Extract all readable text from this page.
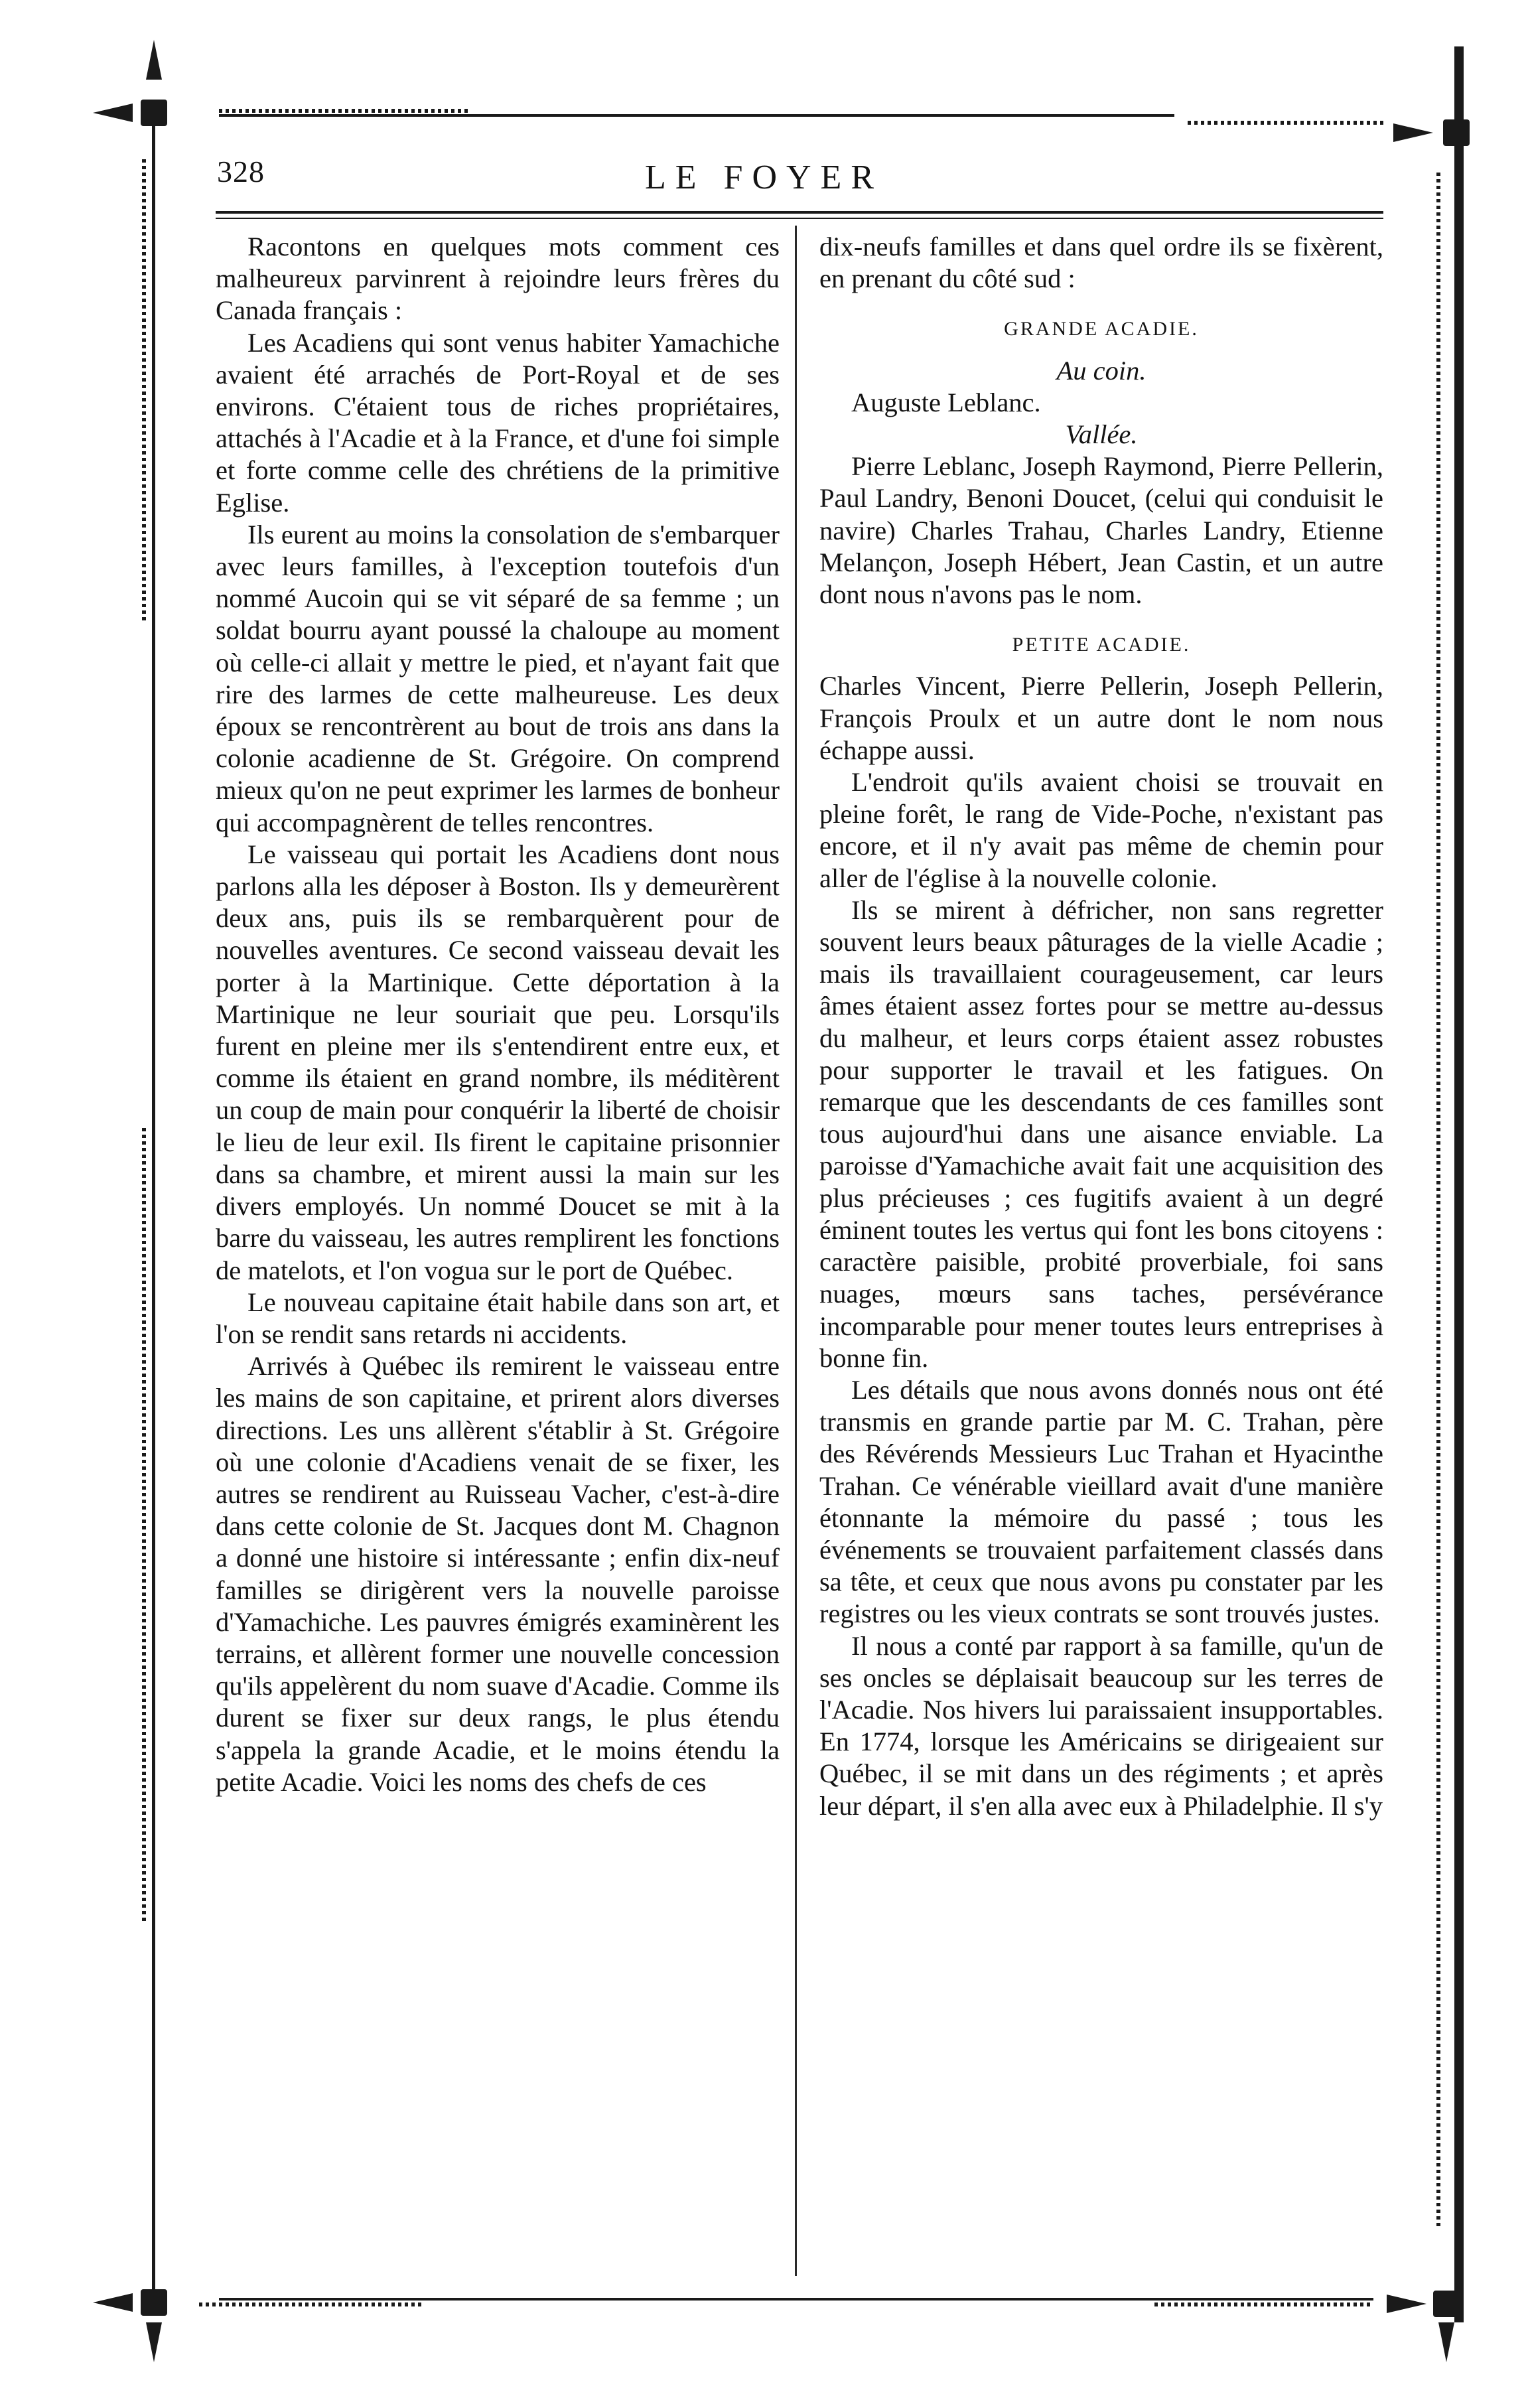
328	LE FOYER

Racontons en quelques mots comment ces malheureux parvinrent à rejoindre leurs frères du Canada français :

Les Acadiens qui sont venus habiter Yamachiche avaient été arrachés de Port-Royal et de ses environs. C'étaient tous de riches propriétaires, attachés à l'Acadie et à la France, et d'une foi simple et forte comme celle des chrétiens de la primitive Eglise.

Ils eurent au moins la consolation de s'embarquer avec leurs familles, à l'exception toutefois d'un nommé Aucoin qui se vit séparé de sa femme ; un soldat bourru ayant poussé la chaloupe au moment où celle-ci allait y mettre le pied, et n'ayant fait que rire des larmes de cette malheureuse. Les deux époux se rencontrèrent au bout de trois ans dans la colonie acadienne de St. Grégoire. On comprend mieux qu'on ne peut exprimer les larmes de bonheur qui accompagnèrent de telles rencontres.

Le vaisseau qui portait les Acadiens dont nous parlons alla les déposer à Boston. Ils y demeurèrent deux ans, puis ils se rembarquèrent pour de nouvelles aventures. Ce second vaisseau devait les porter à la Martinique. Cette déportation à la Martinique ne leur souriait que peu. Lorsqu'ils furent en pleine mer ils s'entendirent entre eux, et comme ils étaient en grand nombre, ils méditèrent un coup de main pour conquérir la liberté de choisir le lieu de leur exil. Ils firent le capitaine prisonnier dans sa chambre, et mirent aussi la main sur les divers employés. Un nommé Doucet se mit à la barre du vaisseau, les autres remplirent les fonctions de matelots, et l'on vogua sur le port de Québec.

Le nouveau capitaine était habile dans son art, et l'on se rendit sans retards ni accidents.

Arrivés à Québec ils remirent le vaisseau entre les mains de son capitaine, et prirent alors diverses directions. Les uns allèrent s'établir à St. Grégoire où une colonie d'Acadiens venait de se fixer, les autres se rendirent au Ruisseau Vacher, c'est-à-dire dans cette colonie de St. Jacques dont M. Chagnon a donné une histoire si intéressante ; enfin dix-neuf familles se dirigèrent vers la nouvelle paroisse d'Yamachiche. Les pauvres émigrés examinèrent les terrains, et allèrent former une nouvelle concession qu'ils appelèrent du nom suave d'Acadie. Comme ils durent se fixer sur deux rangs, le plus étendu s'appela la grande Acadie, et le moins étendu la petite Acadie. Voici les noms des chefs de ces

dix-neufs familles et dans quel ordre ils se fixèrent, en prenant du côté sud :

GRANDE ACADIE.
Au coin.

Auguste Leblanc.

Vallée.

Pierre Leblanc, Joseph Raymond, Pierre Pellerin, Paul Landry, Benoni Doucet, (celui qui conduisit le navire) Charles Trahau, Charles Landry, Etienne Melançon, Joseph Hébert, Jean Castin, et un autre dont nous n'avons pas le nom.

PETITE ACADIE.

Charles Vincent, Pierre Pellerin, Joseph Pellerin, François Proulx et un autre dont le nom nous échappe aussi.

L'endroit qu'ils avaient choisi se trouvait en pleine forêt, le rang de Vide-Poche, n'existant pas encore, et il n'y avait pas même de chemin pour aller de l'église à la nouvelle colonie.

Ils se mirent à défricher, non sans regretter souvent leurs beaux pâturages de la vielle Acadie ; mais ils travaillaient courageusement, car leurs âmes étaient assez fortes pour se mettre au-dessus du malheur, et leurs corps étaient assez robustes pour supporter le travail et les fatigues. On remarque que les descendants de ces familles sont tous aujourd'hui dans une aisance enviable. La paroisse d'Yamachiche avait fait une acquisition des plus précieuses ; ces fugitifs avaient à un degré éminent toutes les vertus qui font les bons citoyens : caractère paisible, probité proverbiale, foi sans nuages, mœurs sans taches, persévérance incomparable pour mener toutes leurs entreprises à bonne fin.

Les détails que nous avons donnés nous ont été transmis en grande partie par M. C. Trahan, père des Révérends Messieurs Luc Trahan et Hyacinthe Trahan. Ce vénérable vieillard avait d'une manière étonnante la mémoire du passé ; tous les événements se trouvaient parfaitement classés dans sa tête, et ceux que nous avons pu constater par les registres ou les vieux contrats se sont trouvés justes.

Il nous a conté par rapport à sa famille, qu'un de ses oncles se déplaisait beaucoup sur les terres de l'Acadie. Nos hivers lui paraissaient insupportables. En 1774, lorsque les Américains se dirigeaient sur Québec, il se mit dans un des régiments ; et après leur départ, il s'en alla avec eux à Philadelphie. Il s'y
